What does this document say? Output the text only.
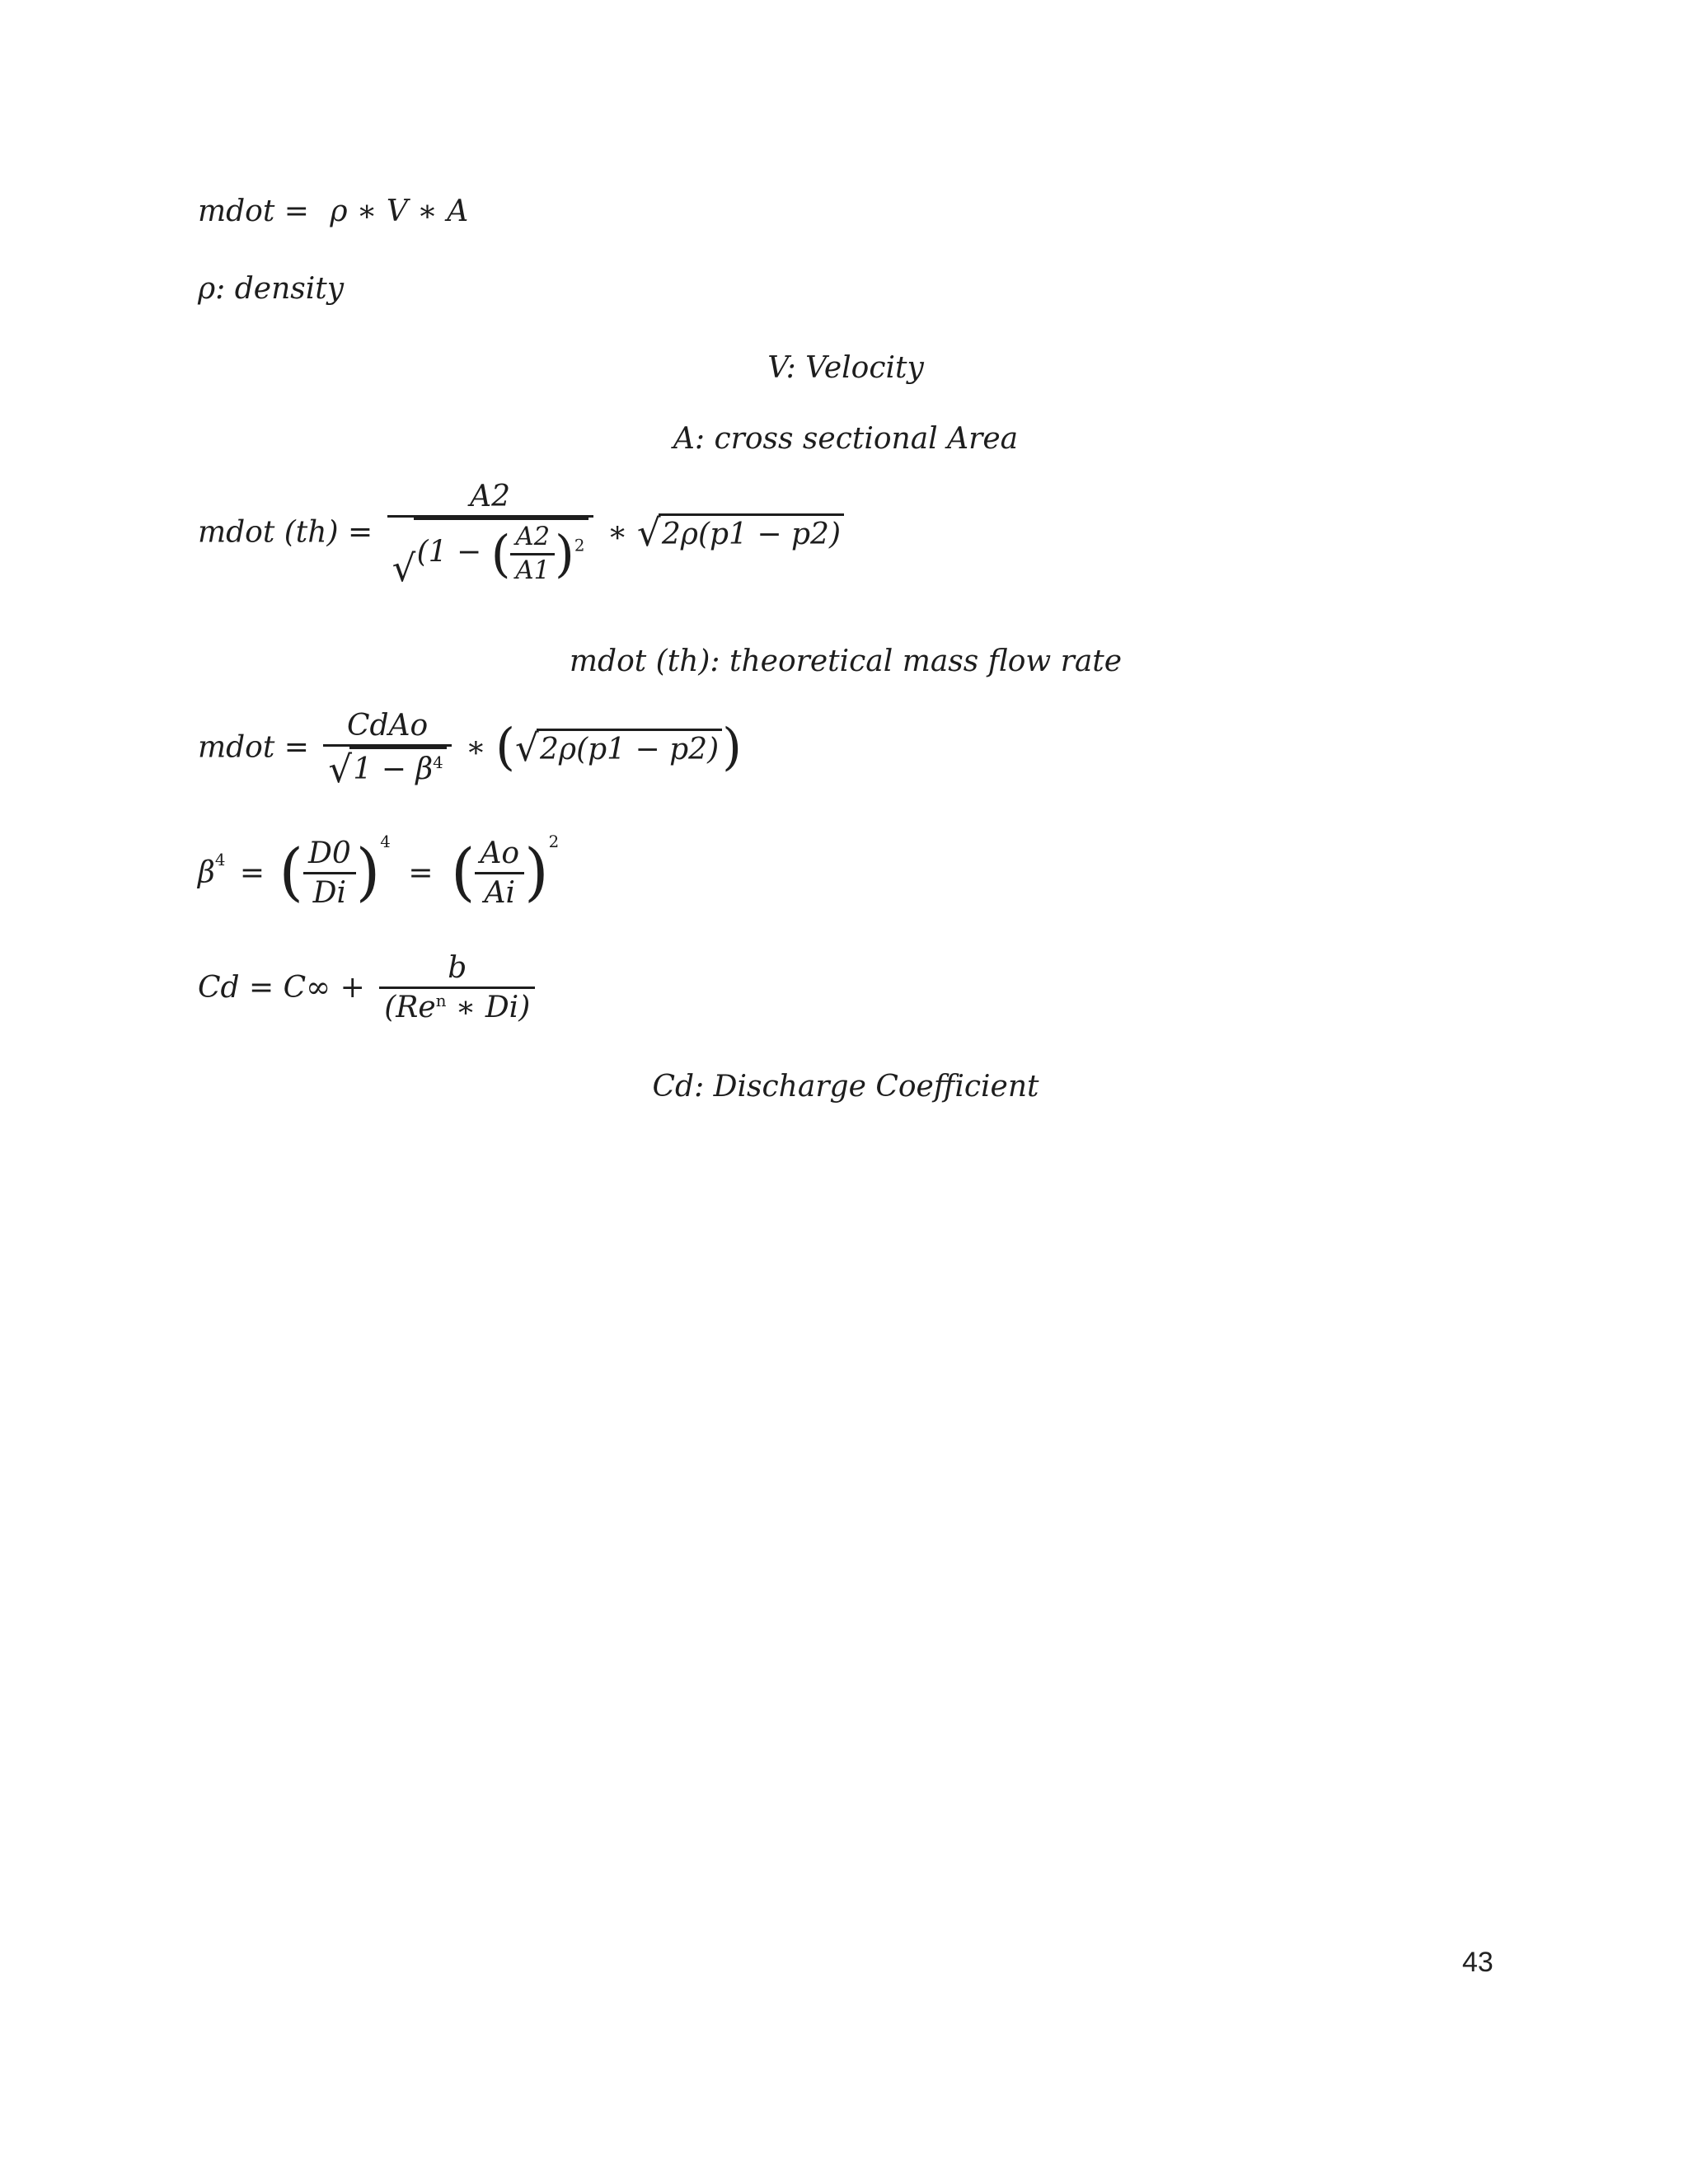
mdot = ρ ∗ V ∗ A
ρ: density
V: Velocity
A: cross sectional Area
mdot $(th) = \frac{A2}{√ (1 - ( \frac{A2}{A1} )^2}$ ∗ √ 2ρ(p1 − p2)
mdot (th): theoretical mass flow rate
mdot = $\frac{\text{CdAo}}{√ 1 - \beta^4}$ ∗ ( √ 2ρ(p1 − p2))
$\beta^4$ = ( $\frac{D0}{Di} )^4$ = ( $\frac{Ao}{Ai} )^2$
$Cd = C\infty + \frac{b}{(Re^n ∗ Di)}$
Cd: Discharge Coefficient
43
